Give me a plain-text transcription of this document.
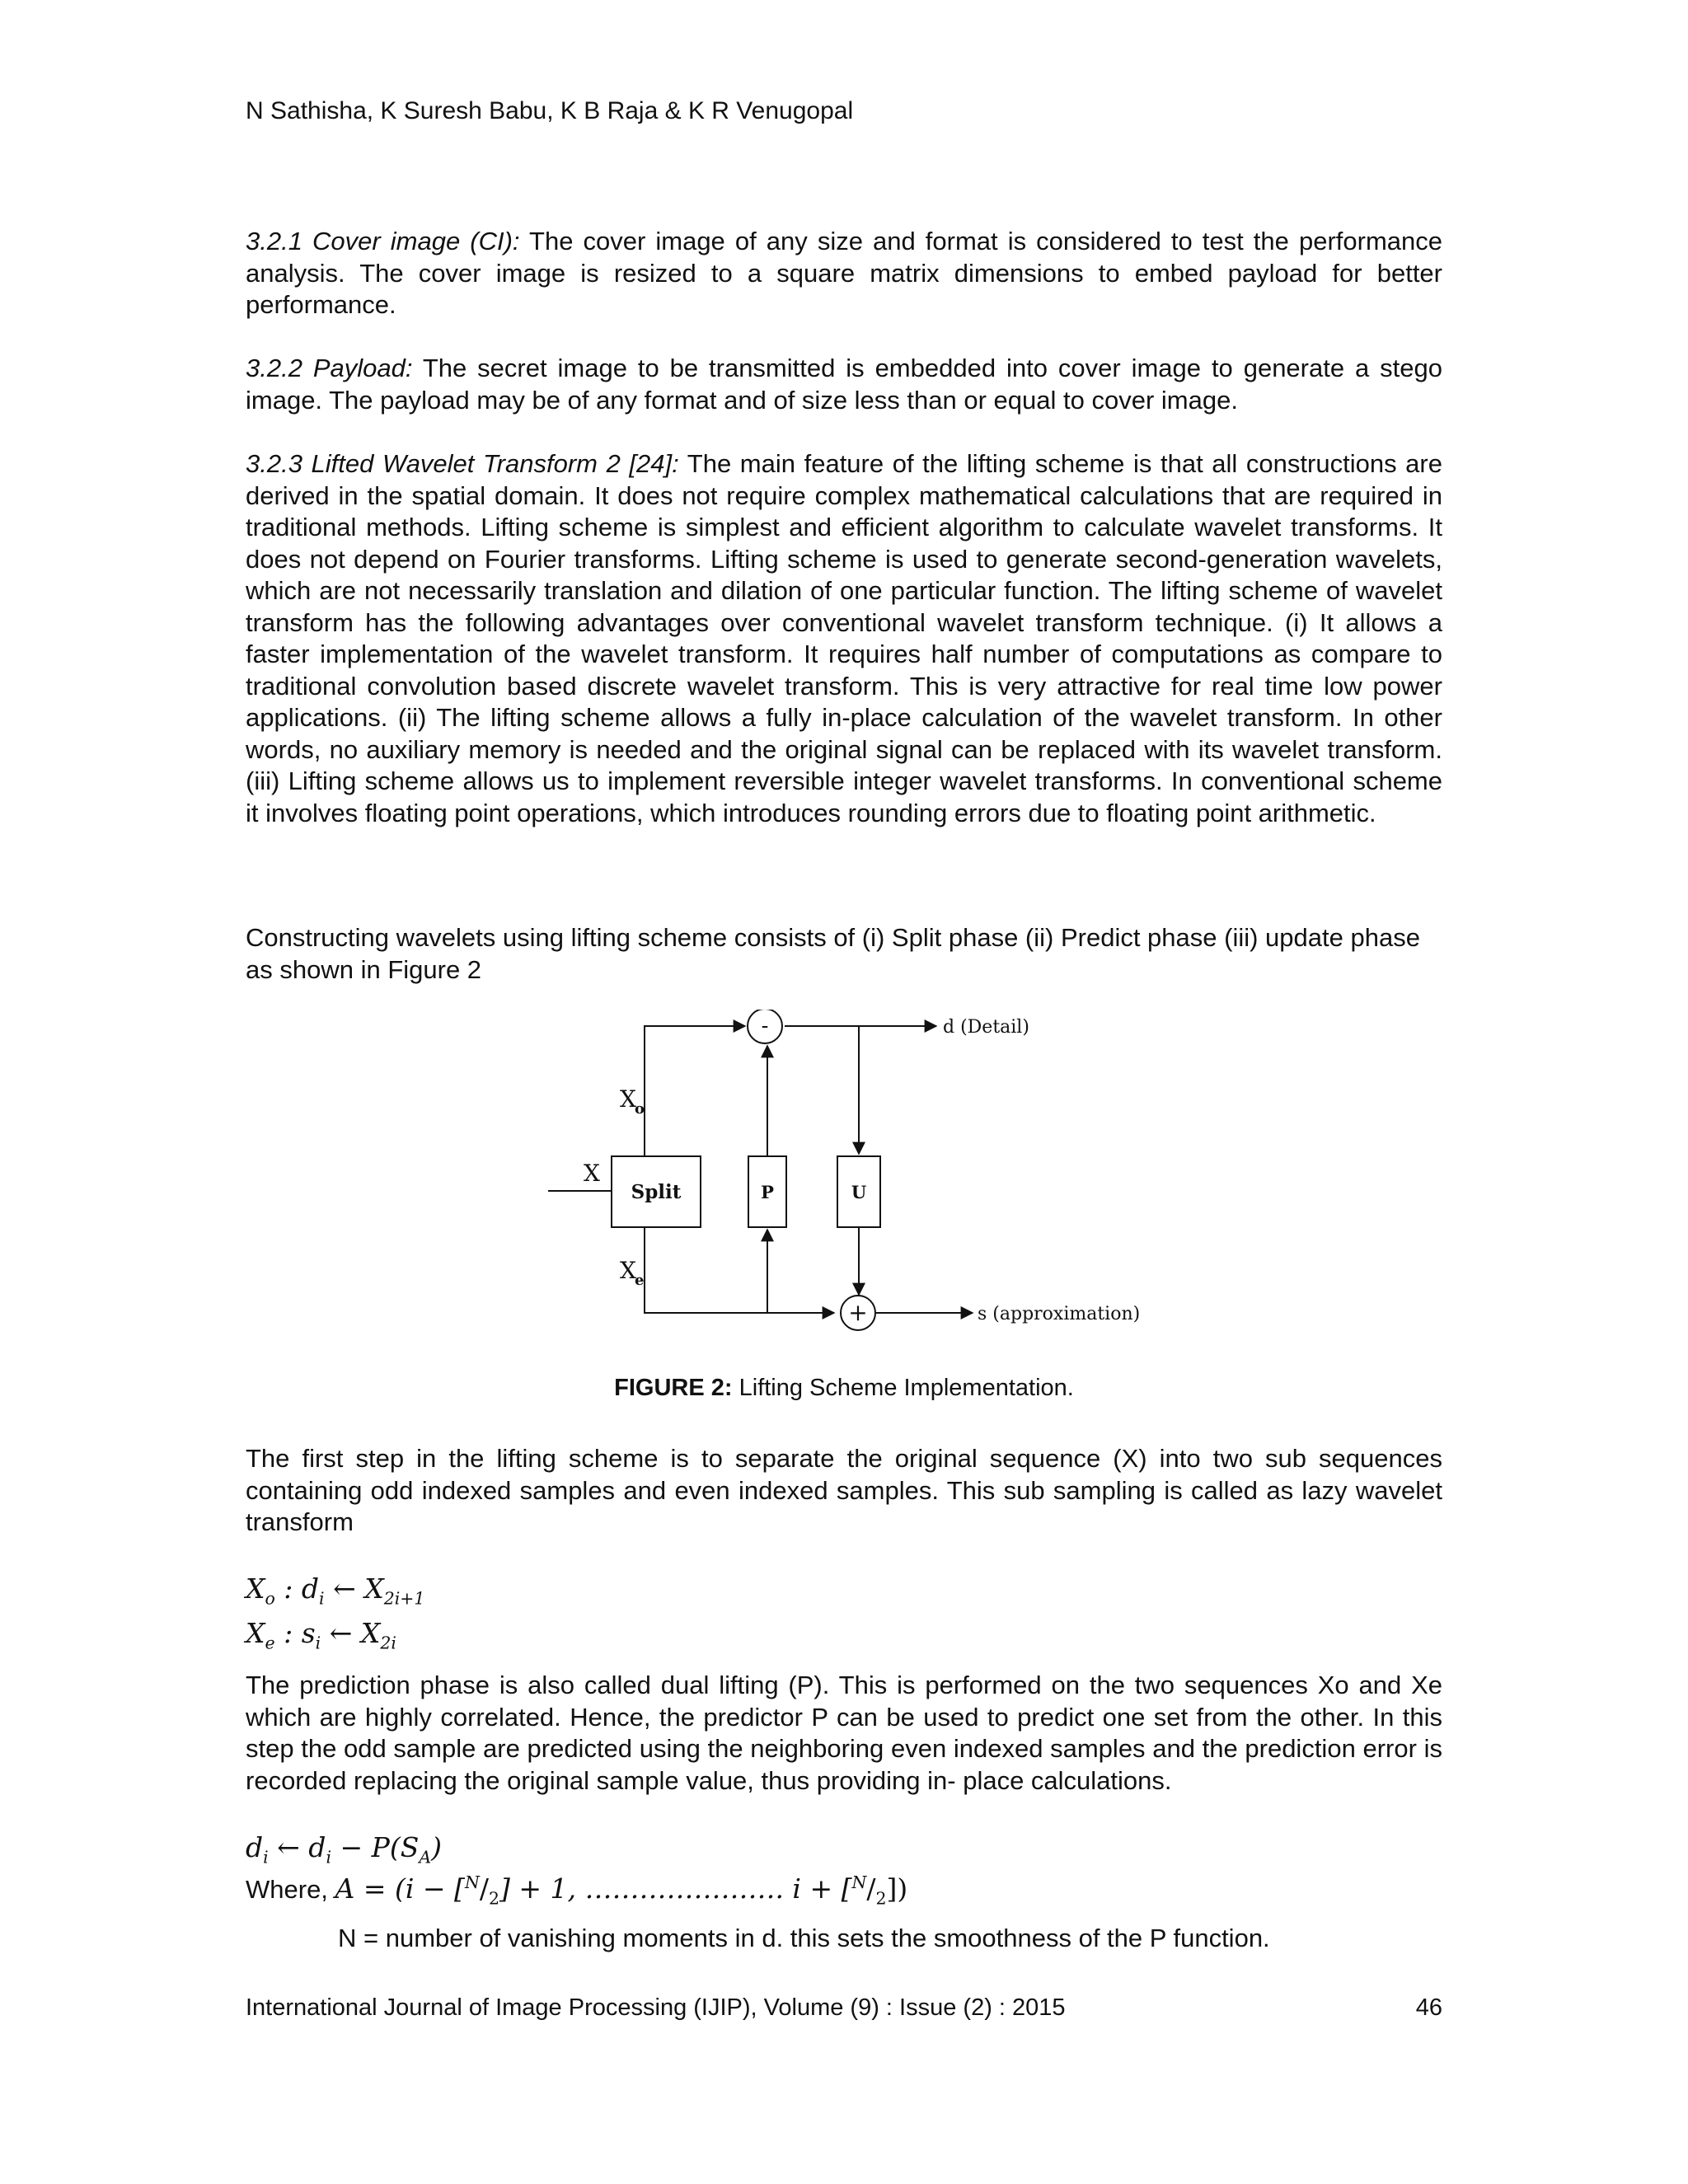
N Sathisha, K Suresh Babu, K B Raja & K R Venugopal

3.2.1 Cover image (CI): The cover image of any size and format is considered to test the performance analysis. The cover image is resized to a square matrix dimensions to embed payload for better performance.

3.2.2 Payload: The secret image to be transmitted is embedded into cover image to generate a stego image. The payload may be of any format and of size less than or equal to cover image.

3.2.3 Lifted Wavelet Transform 2 [24]: The main feature of the lifting scheme is that all constructions are derived in the spatial domain. It does not require complex mathematical calculations that are required in traditional methods. Lifting scheme is simplest and efficient algorithm to calculate wavelet transforms. It does not depend on Fourier transforms. Lifting scheme is used to generate second-generation wavelets, which are not necessarily translation and dilation of one particular function. The lifting scheme of wavelet transform has the following advantages over conventional wavelet transform technique. (i) It allows a faster implementation of the wavelet transform. It requires half number of computations as compare to traditional convolution based discrete wavelet transform. This is very attractive for real time low power applications. (ii) The lifting scheme allows a fully in-place calculation of the wavelet transform. In other words, no auxiliary memory is needed and the original signal can be replaced with its wavelet transform. (iii) Lifting scheme allows us to implement reversible integer wavelet transforms. In conventional scheme it involves floating point operations, which introduces rounding errors due to floating point arithmetic.

Constructing wavelets using lifting scheme consists of (i) Split phase (ii) Predict phase (iii) update phase as shown in Figure 2

-
+
Split	P	U
X
X
o
X
e
d (Detail)
s (approximation)
FIGURE 2: Lifting Scheme Implementation.

The first step in the lifting scheme is to separate the original sequence (X) into two sub sequences containing odd indexed samples and even indexed samples. This sub sampling is called as lazy wavelet transform

$X_o$ : $d_i$ ← $X_{2i+1}$
$X_e$ : $s_i$ ← $X_{2i}$

The prediction phase is also called dual lifting (P). This is performed on the two sequences Xo and Xe which are highly correlated. Hence, the predictor P can be used to predict one set from the other. In this step the odd sample are predicted using the neighboring even indexed samples and the prediction error is recorded replacing the original sample value, thus providing in- place calculations.

$d_i$ ← $d_i - P(S_A)$
Where, $A = (i - [^N/_2] + 1$, …………………. $i + [^N/_2]$)
N = number of vanishing moments in d. this sets the smoothness of the P function.
International Journal of Image Processing (IJIP), Volume (9) : Issue (2) : 2015	46
